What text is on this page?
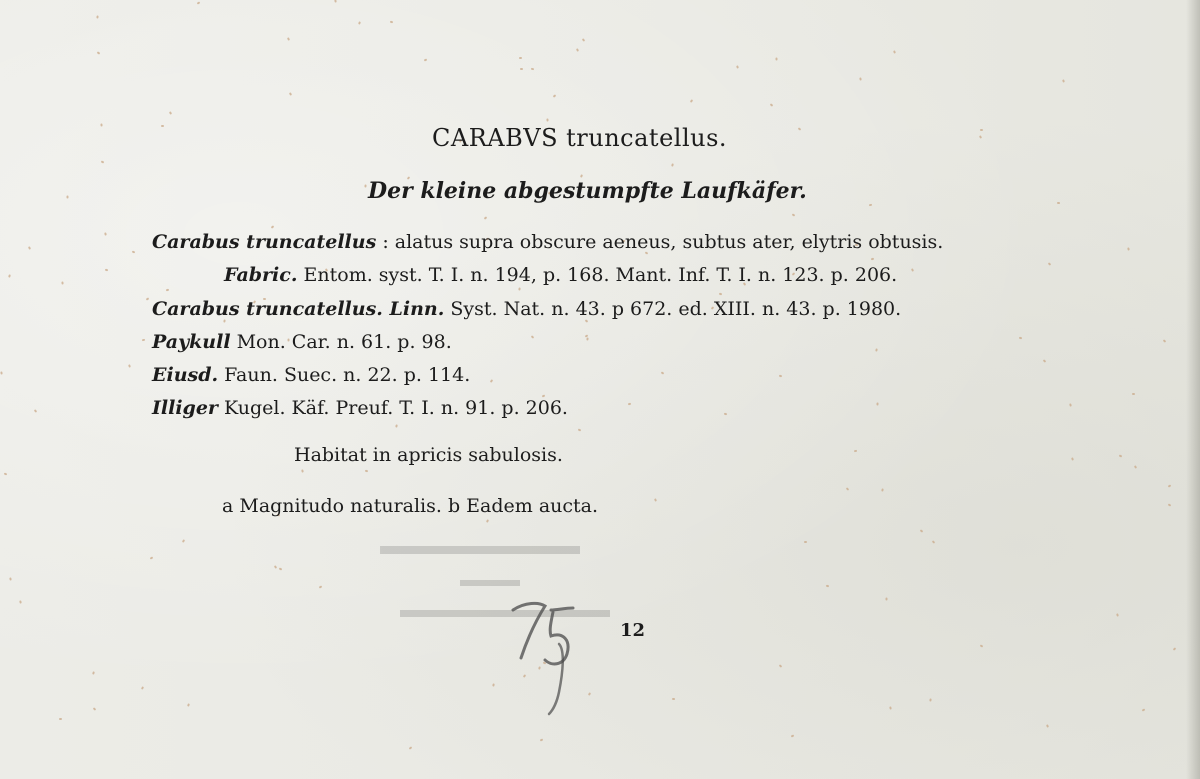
CARABVS truncatellus.
Der kleine abgestumpfte Laufkäfer.
Carabus truncatellus : alatus supra obscure aeneus, subtus ater, elytris obtusis.
Fabric. Entom. syst. T. I. n. 194, p. 168. Mant. Inf. T. I. n. 123. p. 206.
Carabus truncatellus. Linn. Syst. Nat. n. 43. p 672. ed. XIII. n. 43. p. 1980.
Paykull Mon. Car. n. 61. p. 98.
Eiusd. Faun. Suec. n. 22. p. 114.
Illiger Kugel. Käf. Preuf. T. I. n. 91. p. 206.
Habitat in apricis sabulosis.
a Magnitudo naturalis. b Eadem aucta.
12
